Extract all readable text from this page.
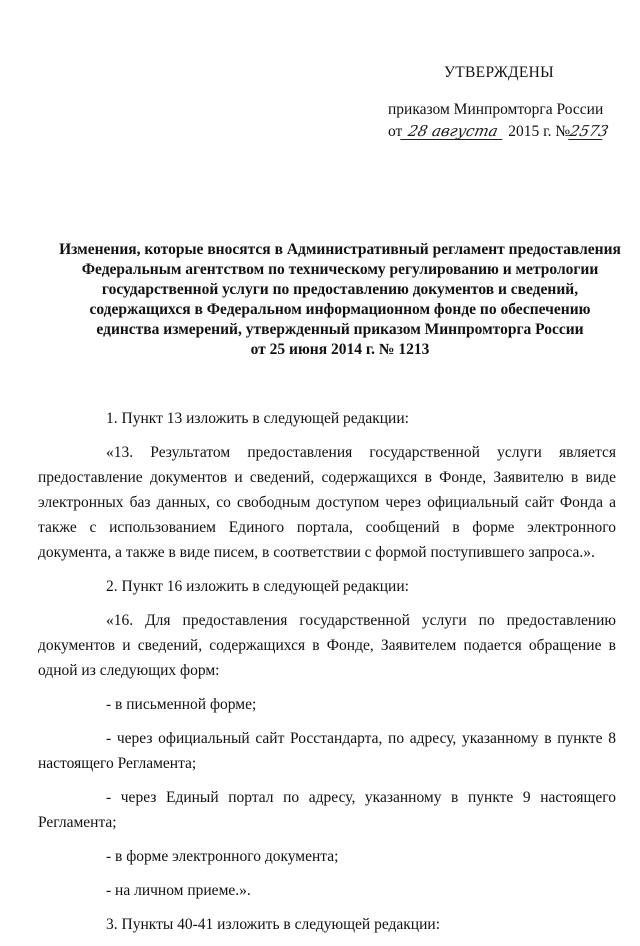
УТВЕРЖДЕНЫ
приказом Минпромторга России
от 28 августа 2015 г. №2573
Изменения, которые вносятся в Административный регламент предоставления
Федеральным агентством по техническому регулированию и метрологии
государственной услуги по предоставлению документов и сведений,
содержащихся в Федеральном информационном фонде по обеспечению
единства измерений, утвержденный приказом Минпромторга России
от 25 июня 2014 г. № 1213

1. Пункт 13 изложить в следующей редакции:

«13. Результатом предоставления государственной услуги является предоставление документов и сведений, содержащихся в Фонде, Заявителю в виде электронных баз данных, со свободным доступом через официальный сайт Фонда а также с использованием Единого портала, сообщений в форме электронного документа, а также в виде писем, в соответствии с формой поступившего запроса.».

2. Пункт 16 изложить в следующей редакции:

«16. Для предоставления государственной услуги по предоставлению документов и сведений, содержащихся в Фонде, Заявителем подается обращение в одной из следующих форм:

- в письменной форме;

- через официальный сайт Росстандарта, по адресу, указанному в пункте 8 настоящего Регламента;

- через Единый портал по адресу, указанному в пункте 9 настоящего Регламента;

- в форме электронного документа;

- на личном приеме.».

3. Пункты 40-41 изложить в следующей редакции:
